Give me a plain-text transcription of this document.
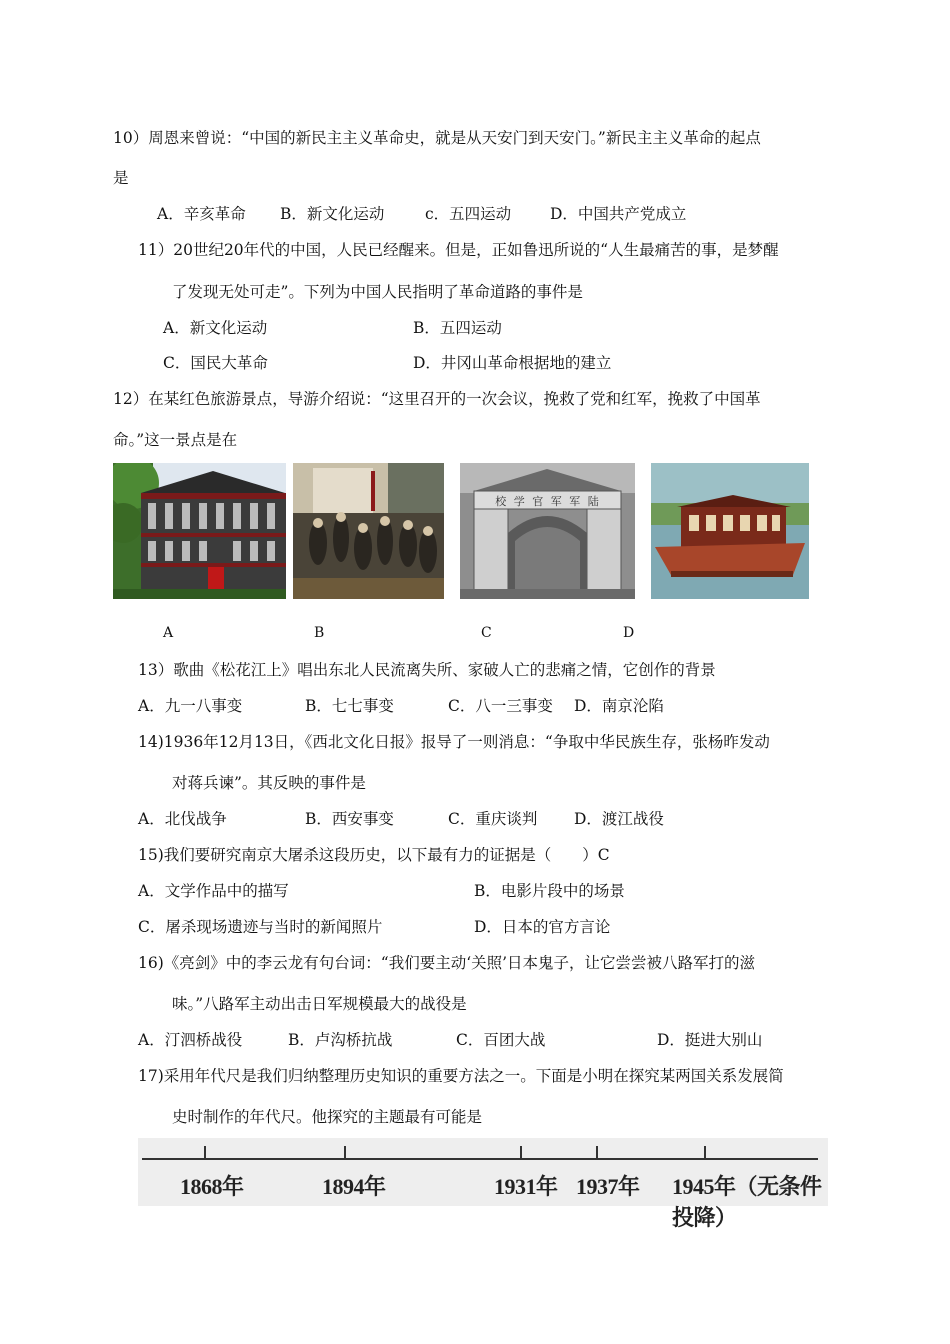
10）周恩来曾说：“中国的新民主主义革命史，就是从天安门到天安门。”新民主主义革命的起点
是
A．辛亥革命 B．新文化运动	c．五四运动	D．中国共产党成立
11）20世纪20年代的中国，人民已经醒来。但是，正如鲁迅所说的“人生最痛苦的事，是梦醒
了发现无处可走”。下列为中国人民指明了革命道路的事件是
A．新文化运动	B．五四运动
C．国民大革命	D．井冈山革命根据地的建立
12）在某红色旅游景点，导游介绍说：“这里召开的一次会议，挽救了党和红军，挽救了中国革
命。”这一景点是在
校 学 官 军 军 陆
A	B	C	D
13）歌曲《松花江上》唱出东北人民流离失所、家破人亡的悲痛之情，它创作的背景
A．九一八事变	B．七七事变	C．八一三事变 D．南京沦陷
14)1936年12月13日，《西北文化日报》报导了一则消息：“争取中华民族生存，张杨昨发动
对蒋兵谏”。其反映的事件是
A．北伐战争	B．西安事变	C．重庆谈判 D．渡江战役
15)我们要研究南京大屠杀这段历史，以下最有力的证据是（　　）C
A．文学作品中的描写	B．电影片段中的场景
C．屠杀现场遗迹与当时的新闻照片	D．日本的官方言论
16)《亮剑》中的李云龙有句台词：“我们要主动‘关照’日本鬼子，让它尝尝被八路军打的滋
味。”八路军主动出击日军规模最大的战役是
A．汀泗桥战役	B．卢沟桥抗战	C．百团大战	D．挺进大别山
17)采用年代尺是我们归纳整理历史知识的重要方法之一。下面是小明在探究某两国关系发展简
史时制作的年代尺。他探究的主题最有可能是
1868年	1894年	1931年 1937年 1945年（无条件投降）
